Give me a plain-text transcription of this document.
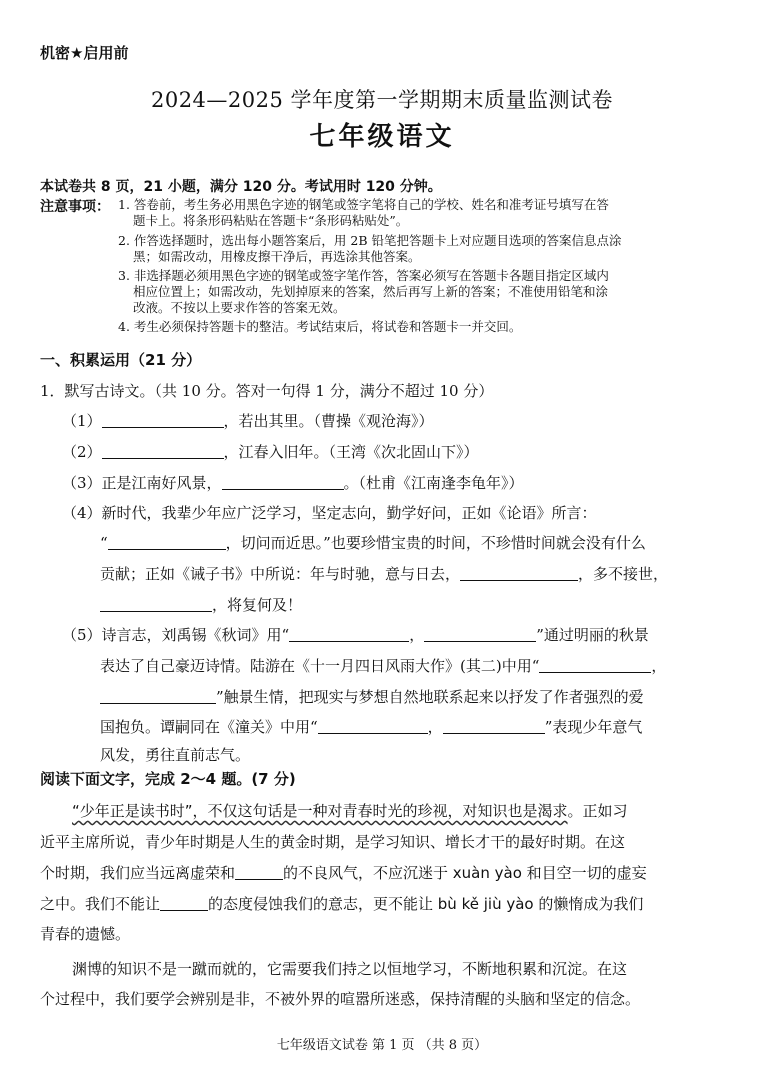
机密★启用前
2024—2025 学年度第一学期期末质量监测试卷
七年级语文
本试卷共 8 页，21 小题，满分 120 分。考试用时 120 分钟。
注意事项： 1. 答卷前，考生务必用黑色字迹的钢笔或签字笔将自己的学校、姓名和准考证号填写在答
题卡上。将条形码粘贴在答题卡“条形码粘贴处”。
2. 作答选择题时，选出每小题答案后，用 2B 铅笔把答题卡上对应题目选项的答案信息点涂
黑；如需改动，用橡皮擦干净后，再选涂其他答案。
3. 非选择题必须用黑色字迹的钢笔或签字笔作答，答案必须写在答题卡各题目指定区域内
相应位置上；如需改动，先划掉原来的答案，然后再写上新的答案；不准使用铅笔和涂
改液。不按以上要求作答的答案无效。
4. 考生必须保持答题卡的整洁。考试结束后，将试卷和答题卡一并交回。
一、积累运用（21 分）
1．默写古诗文。（共 10 分。答对一句得 1 分，满分不超过 10 分）
（1）	，若出其里。（曹操《观沧海》）
（2）	，江春入旧年。（王湾《次北固山下》）
（3）正是江南好风景，	。（杜甫《江南逢李龟年》）
（4）新时代，我辈少年应广泛学习，坚定志向，勤学好问，正如《论语》所言：
“	，切问而近思。”也要珍惜宝贵的时间，不珍惜时间就会没有什么
贡献；正如《诫子书》中所说：年与时驰，意与日去，	，多不接世，
，将复何及！
（5）诗言志，刘禹锡《秋词》用“	，	”通过明丽的秋景
表达了自己豪迈诗情。陆游在《十一月四日风雨大作》(其二)中用“	，
”触景生情，把现实与梦想自然地联系起来以抒发了作者强烈的爱
国抱负。谭嗣同在《潼关》中用“	，	”表现少年意气
风发，勇往直前志气。
阅读下面文字，完成 2～4 题。(7 分)
“少年正是读书时”，不仅这句话是一种对青春时光的珍视，对知识也是渴求。正如习
近平主席所说，青少年时期是人生的黄金时期，是学习知识、增长才干的最好时期。在这
个时期，我们应当远离虚荣和	的不良风气，不应沉迷于 xuàn yào 和目空一切的虚妄
之中。我们不能让	的态度侵蚀我们的意志，更不能让 bù kě jiù yào 的懒惰成为我们
青春的遗憾。
渊博的知识不是一蹴而就的，它需要我们持之以恒地学习，不断地积累和沉淀。在这
个过程中，我们要学会辨别是非，不被外界的喧嚣所迷惑，保持清醒的头脑和坚定的信念。
七年级语文试卷 第 1 页 （共 8 页）
